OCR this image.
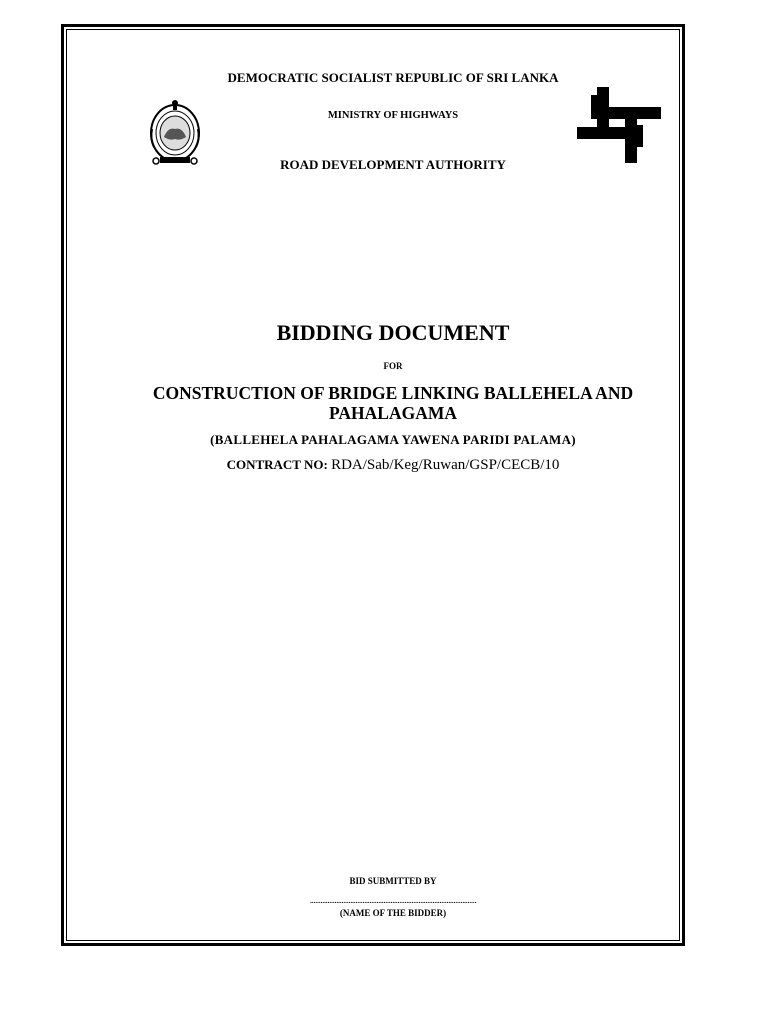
DEMOCRATIC SOCIALIST REPUBLIC OF SRI LANKA
MINISTRY OF HIGHWAYS
ROAD DEVELOPMENT AUTHORITY
BIDDING DOCUMENT
FOR
CONSTRUCTION OF BRIDGE LINKING BALLEHELA AND PAHALAGAMA
(BALLEHELA PAHALAGAMA YAWENA PARIDI PALAMA)
CONTRACT NO: RDA/Sab/Keg/Ruwan/GSP/CECB/10
BID SUBMITTED BY
...............................................................................................
(NAME OF THE BIDDER)
